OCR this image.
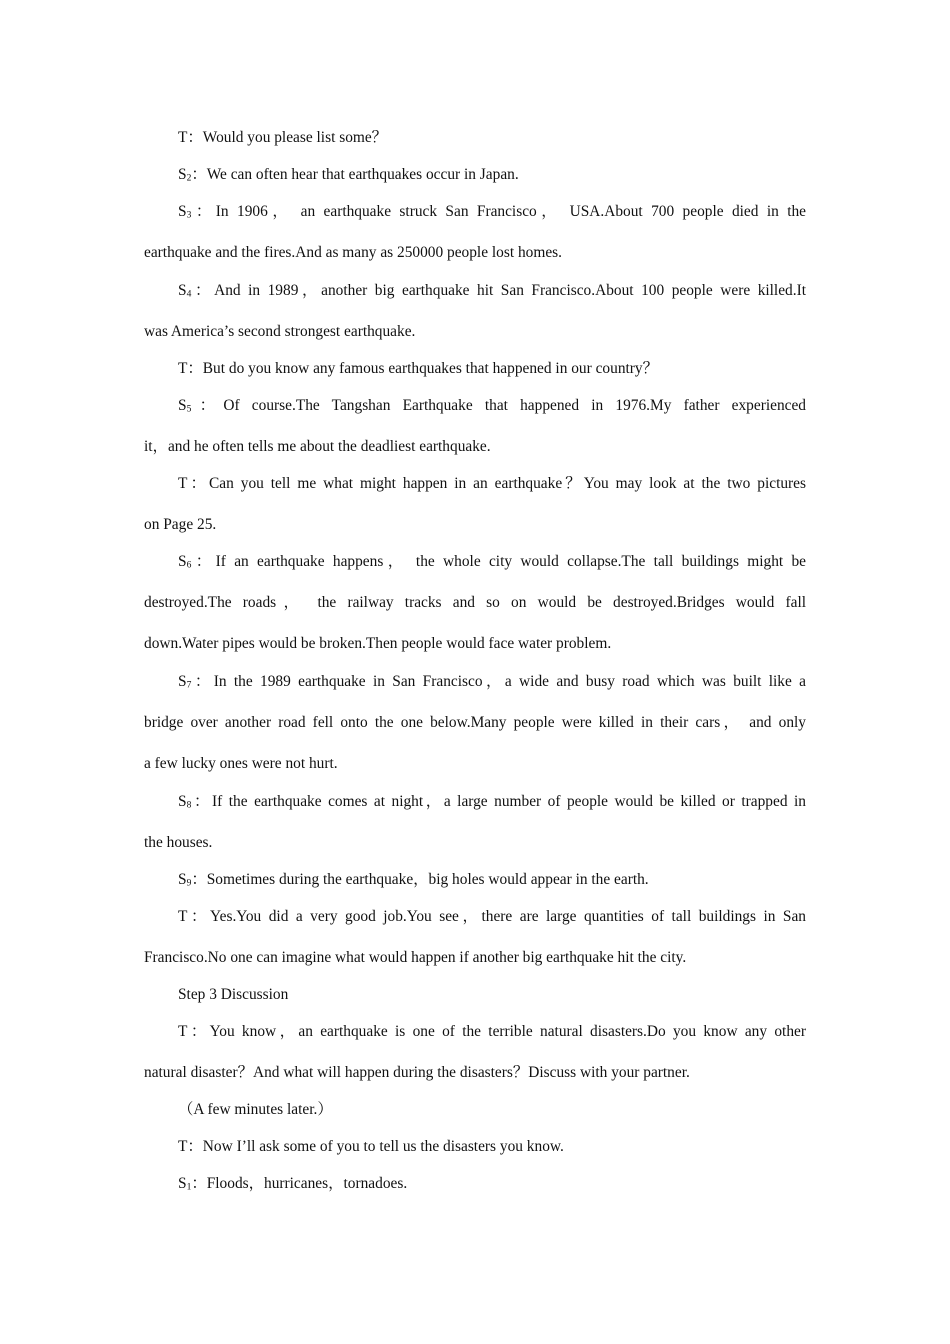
T：Would you please list some？
$S_2$：We can often hear that earthquakes occur in Japan.
$S_3$：In 1906， an earthquake struck San Francisco， USA.About 700 people died in the
earthquake and the fires.And as many as 250000 people lost homes.
$S_4$：And in 1989，another big earthquake hit San Francisco.About 100 people were killed.It
was America’s second strongest earthquake.
T：But do you know any famous earthquakes that happened in our country？
$S_5$：Of course.The Tangshan Earthquake that happened in 1976.My father experienced
it，and he often tells me about the deadliest earthquake.
T：Can you tell me what might happen in an earthquake？You may look at the two pictures
on Page 25.
$S_6$：If an earthquake happens， the whole city would collapse.The tall buildings might be
destroyed.The roads， the railway tracks and so on would be destroyed.Bridges would fall
down.Water pipes would be broken.Then people would face water problem.
$S_7$：In the 1989 earthquake in San Francisco，a wide and busy road which was built like a
bridge over another road fell onto the one below.Many people were killed in their cars， and only
a few lucky ones were not hurt.
$S_8$：If the earthquake comes at night，a large number of people would be killed or trapped in
the houses.
$S_9$：Sometimes during the earthquake，big holes would appear in the earth.
T：Yes.You did a very good job.You see，there are large quantities of tall buildings in San
Francisco.No one can imagine what would happen if another big earthquake hit the city.
Step 3 Discussion
T：You know，an earthquake is one of the terrible natural disasters.Do you know any other
natural disaster？And what will happen during the disasters？Discuss with your partner.
（A few minutes later.）
T：Now I’ll ask some of you to tell us the disasters you know.
$S_1$：Floods，hurricanes，tornadoes.
